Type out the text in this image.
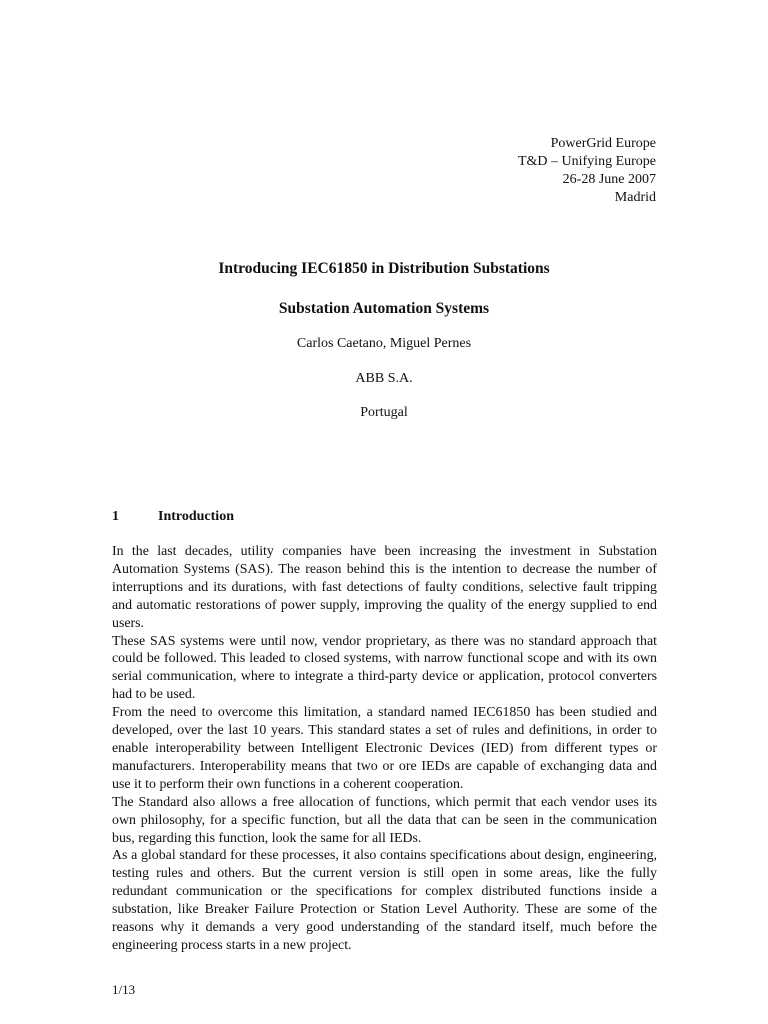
PowerGrid Europe
T&D – Unifying Europe
26-28 June 2007
Madrid
Introducing IEC61850 in Distribution Substations
Substation Automation Systems
Carlos Caetano, Miguel Pernes
ABB S.A.
Portugal
1	Introduction

In the last decades, utility companies have been increasing the investment in Substation Automation Systems (SAS). The reason behind this is the intention to decrease the number of interruptions and its durations, with fast detections of faulty conditions, selective fault tripping and automatic restorations of power supply, improving the quality of the energy supplied to end users.

These SAS systems were until now, vendor proprietary, as there was no standard approach that could be followed. This leaded to closed systems, with narrow functional scope and with its own serial communication, where to integrate a third-party device or application, protocol converters had to be used.

From the need to overcome this limitation, a standard named IEC61850 has been studied and developed, over the last 10 years. This standard states a set of rules and definitions, in order to enable interoperability between Intelligent Electronic Devices (IED) from different types or manufacturers. Interoperability means that two or ore IEDs are capable of exchanging data and use it to perform their own functions in a coherent cooperation.

The Standard also allows a free allocation of functions, which permit that each vendor uses its own philosophy, for a specific function, but all the data that can be seen in the communication bus, regarding this function, look the same for all IEDs.

As a global standard for these processes, it also contains specifications about design, engineering, testing rules and others. But the current version is still open in some areas, like the fully redundant communication or the specifications for complex distributed functions inside a substation, like Breaker Failure Protection or Station Level Authority. These are some of the reasons why it demands a very good understanding of the standard itself, much before the engineering process starts in a new project.

1/13
